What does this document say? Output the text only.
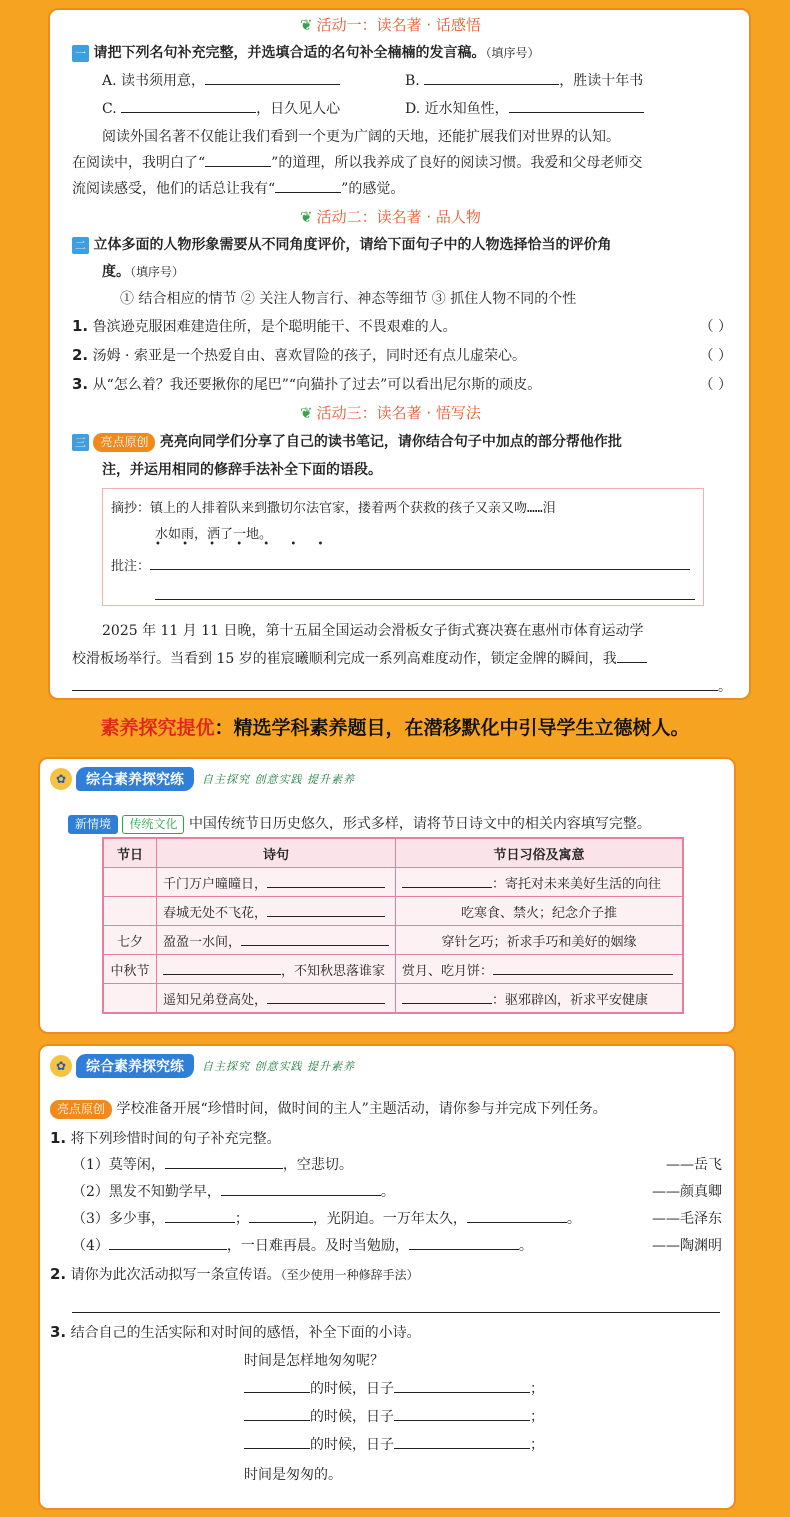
❦ 活动一：读名著 · 话感悟
一 请把下列名句补充完整，并选填合适的名句补全楠楠的发言稿。（填序号）
A. 读书须用意，	B.	，胜读十年书
C.	，日久见人心	D. 近水知鱼性，
阅读外国名著不仅能让我们看到一个更为广阔的天地，还能扩展我们对世界的认知。
在阅读中，我明白了“	”的道理，所以我养成了良好的阅读习惯。我爱和父母老师交
流阅读感受，他们的话总让我有“	”的感觉。
❦ 活动二：读名著 · 品人物
二 立体多面的人物形象需要从不同角度评价，请给下面句子中的人物选择恰当的评价角
度。（填序号）
① 结合相应的情节 ② 关注人物言行、神态等细节 ③ 抓住人物不同的个性
1. 鲁滨逊克服困难建造住所，是个聪明能干、不畏艰难的人。	（ ）
2. 汤姆 · 索亚是一个热爱自由、喜欢冒险的孩子，同时还有点儿虚荣心。	（ ）
3. 从“怎么着？我还要揪你的尾巴”“向猫扑了过去”可以看出尼尔斯的顽皮。	（ ）
❦ 活动三：读名著 · 悟写法
三 亮点原创 亮亮向同学们分享了自己的读书笔记，请你结合句子中加点的部分帮他作批
注，并运用相同的修辞手法补全下面的语段。
摘抄：镇上的人排着队来到撒切尔法官家，搂着两个获救的孩子又亲又吻……泪
水如雨，洒了一地。
• • • • • • •
批注：
2025 年 11 月 11 日晚，第十五届全国运动会滑板女子街式赛决赛在惠州市体育运动学
校滑板场举行。当看到 15 岁的崔宸曦顺利完成一系列高难度动作，锁定金牌的瞬间，我
。
素养探究提优：精选学科素养题目，在潜移默化中引导学生立德树人。
✿	综合素养探究练	自主探究 创意实践 提升素养
新情境 传统文化 中国传统节日历史悠久，形式多样，请将节日诗文中的相关内容填写完整。
节日	诗句	节日习俗及寓意
	千门万户曈曈日，	：寄托对未来美好生活的向往
	春城无处不飞花，	吃寒食、禁火；纪念介子推
七夕	盈盈一水间，	穿针乞巧；祈求手巧和美好的姻缘
中秋节	，不知秋思落谁家	赏月、吃月饼：
	遥知兄弟登高处，	：驱邪辟凶，祈求平安健康
✿	综合素养探究练	自主探究 创意实践 提升素养
亮点原创 学校准备开展“珍惜时间，做时间的主人”主题活动，请你参与并完成下列任务。
1. 将下列珍惜时间的句子补充完整。
（1）莫等闲，	，空悲切。	——岳飞
（2）黑发不知勤学早，	。	——颜真卿
（3）多少事，	；	，光阴迫。一万年太久，	。	——毛泽东
（4）	，一日难再晨。及时当勉励，	。	——陶渊明
2. 请你为此次活动拟写一条宣传语。（至少使用一种修辞手法）
3. 结合自己的生活实际和对时间的感悟，补全下面的小诗。
时间是怎样地匆匆呢？
的时候，日子	；
的时候，日子	；
的时候，日子	；
时间是匆匆的。
